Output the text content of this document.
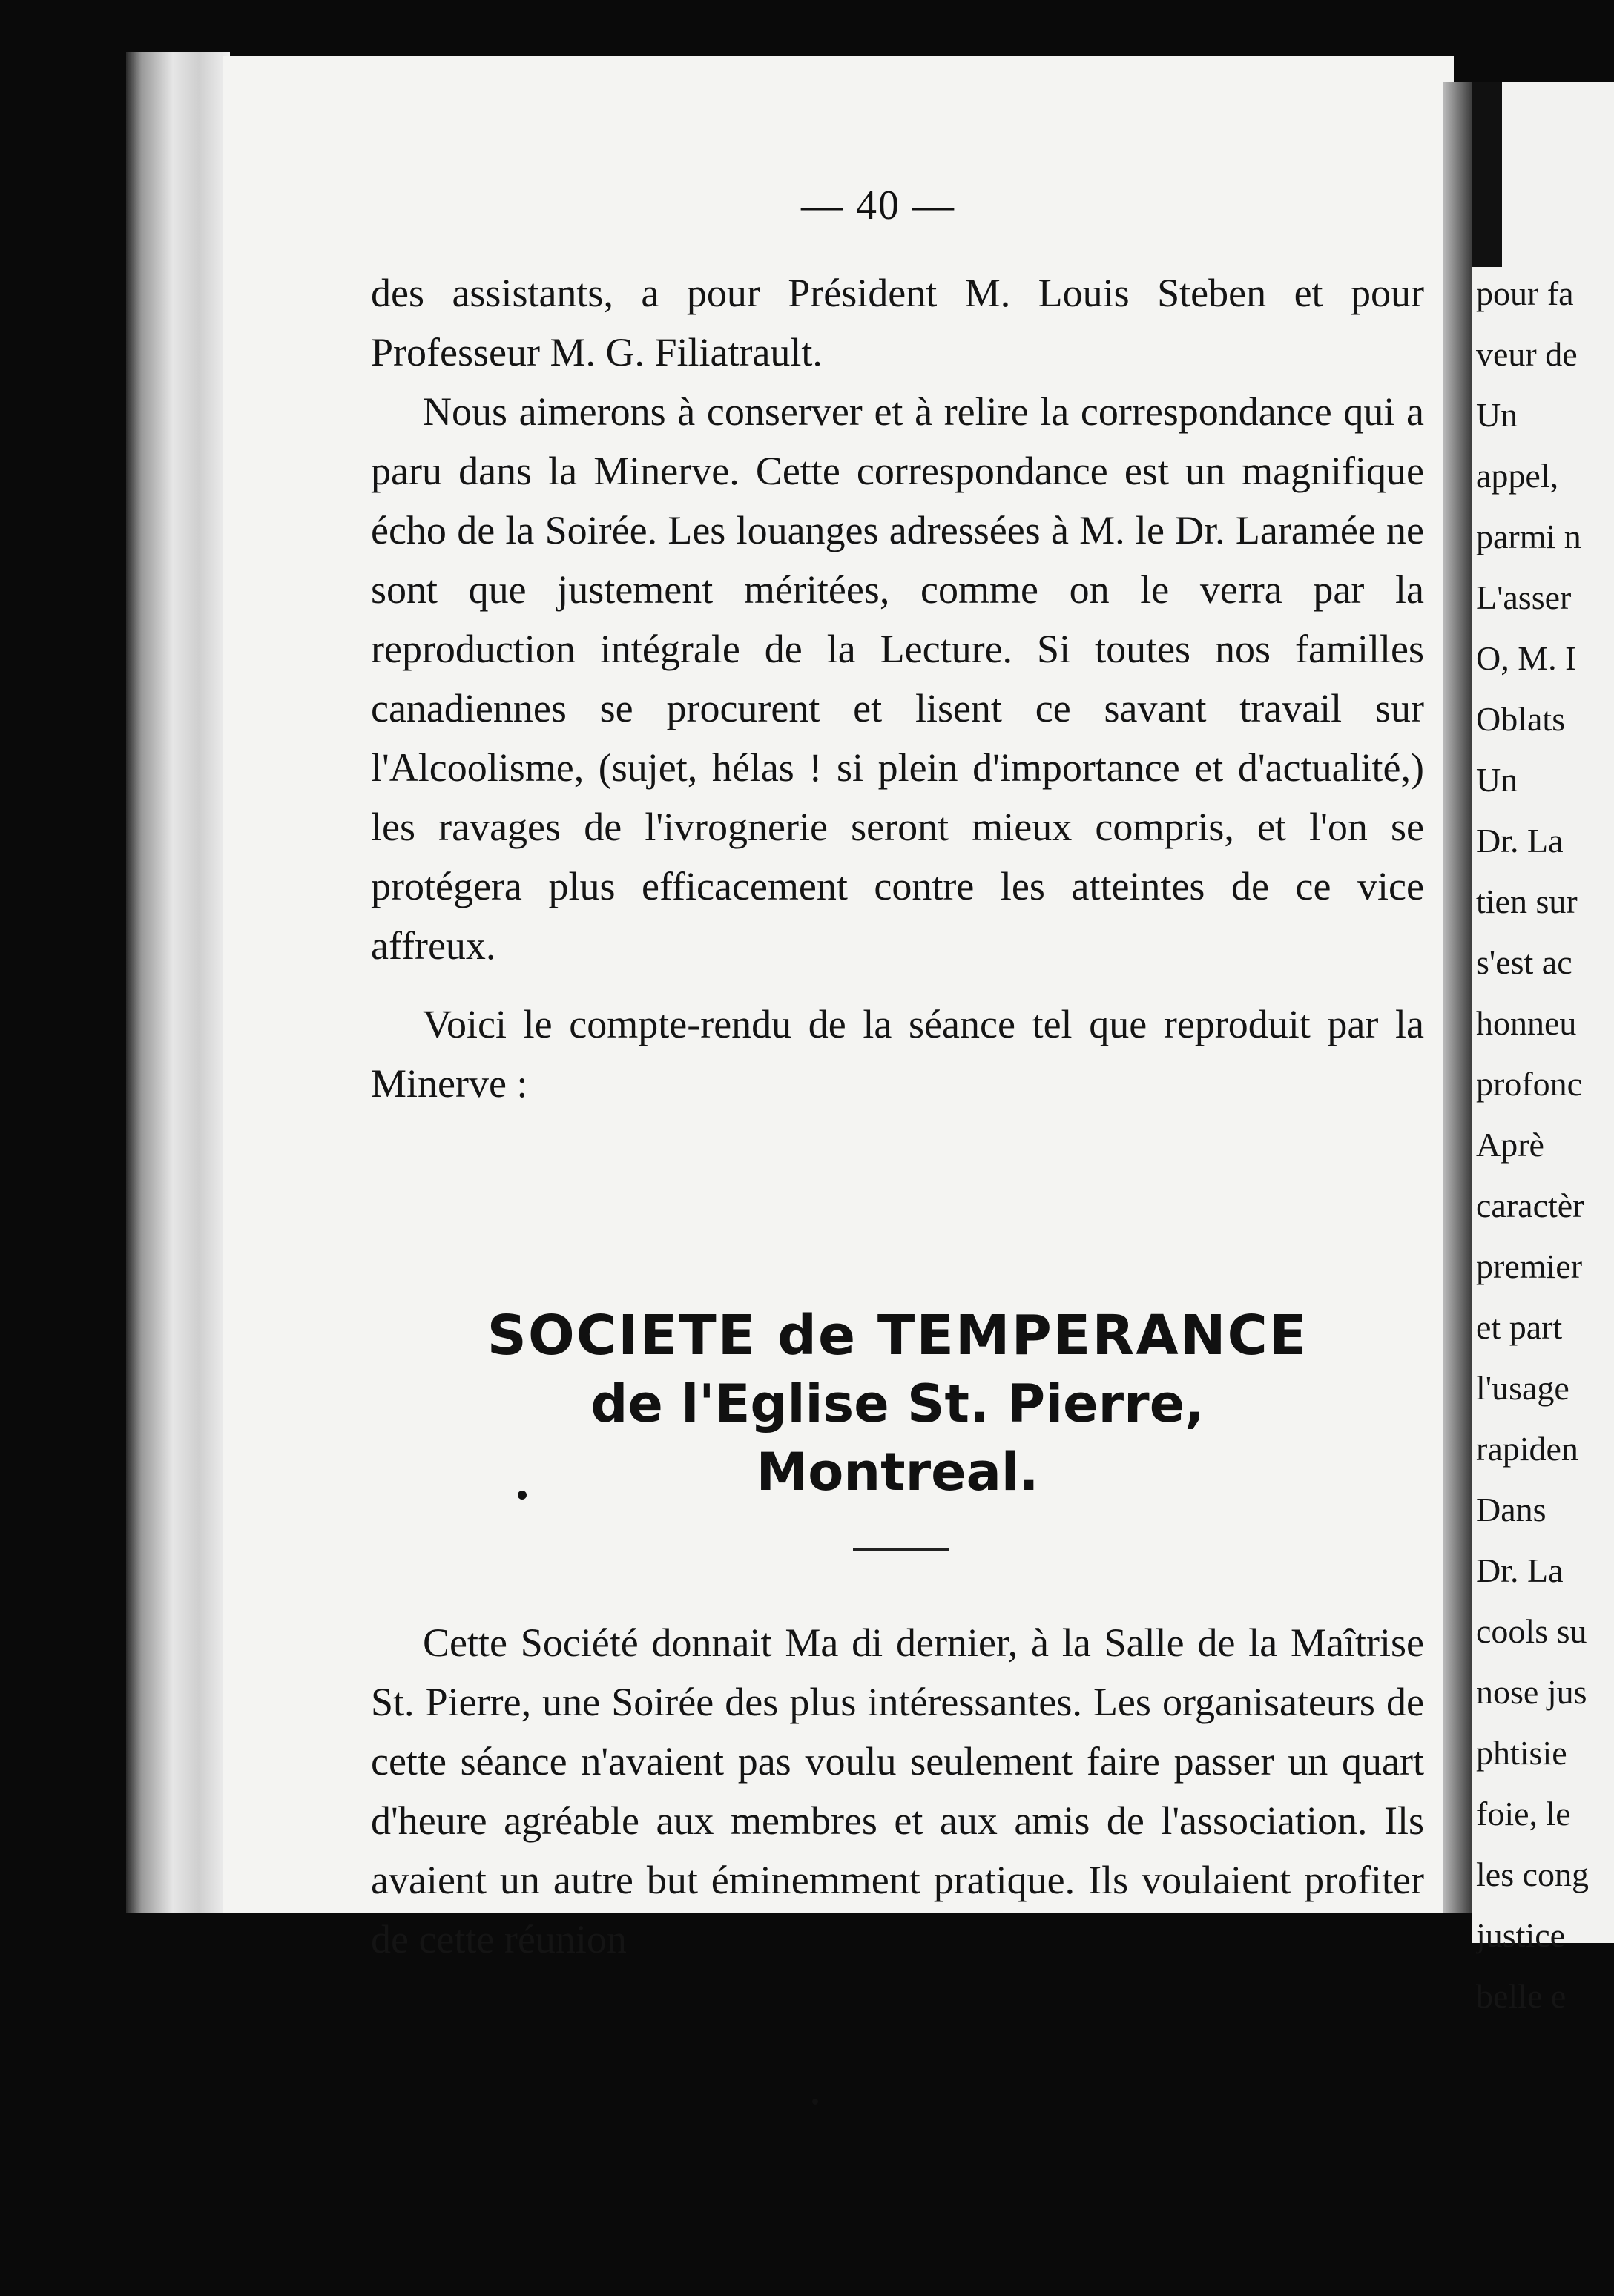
— 40 —

des assistants, a pour Président M. Louis Steben et pour Professeur M. G. Filiatrault.

Nous aimerons à conserver et à relire la correspondance qui a paru dans la Minerve. Cette correspondance est un magnifique écho de la Soirée. Les louanges adressées à M. le Dr. Laramée ne sont que justement méritées, comme on le verra par la reproduction intégrale de la Lecture. Si toutes nos familles canadiennes se procurent et lisent ce savant travail sur l'Alcoolisme, (sujet, hélas ! si plein d'importance et d'actualité,) les ravages de l'ivrognerie seront mieux compris, et l'on se protégera plus efficacement contre les atteintes de ce vice affreux.

Voici le compte-rendu de la séance tel que reproduit par la Minerve :

SOCIETE de TEMPERANCE
de l'Eglise St. Pierre,
Montreal.

Cette Société donnait Ma di dernier, à la Salle de la Maîtrise St. Pierre, une Soirée des plus intéressantes. Les organisateurs de cette séance n'avaient pas voulu seulement faire passer un quart d'heure agréable aux membres et aux amis de l'association. Ils avaient un autre but éminemment pratique. Ils voulaient profiter de cette réunion

pour fa
veur de
Un
appel,
parmi n
L'asser
O, M. I
Oblats
Un
Dr. La
tien sur
s'est ac
honneu
profonc
Aprè
caractèr
premier
et part
l'usage
rapiden
Dans
Dr. La
cools su
nose jus
phtisie
foie, le
les cong
justice
belle e
